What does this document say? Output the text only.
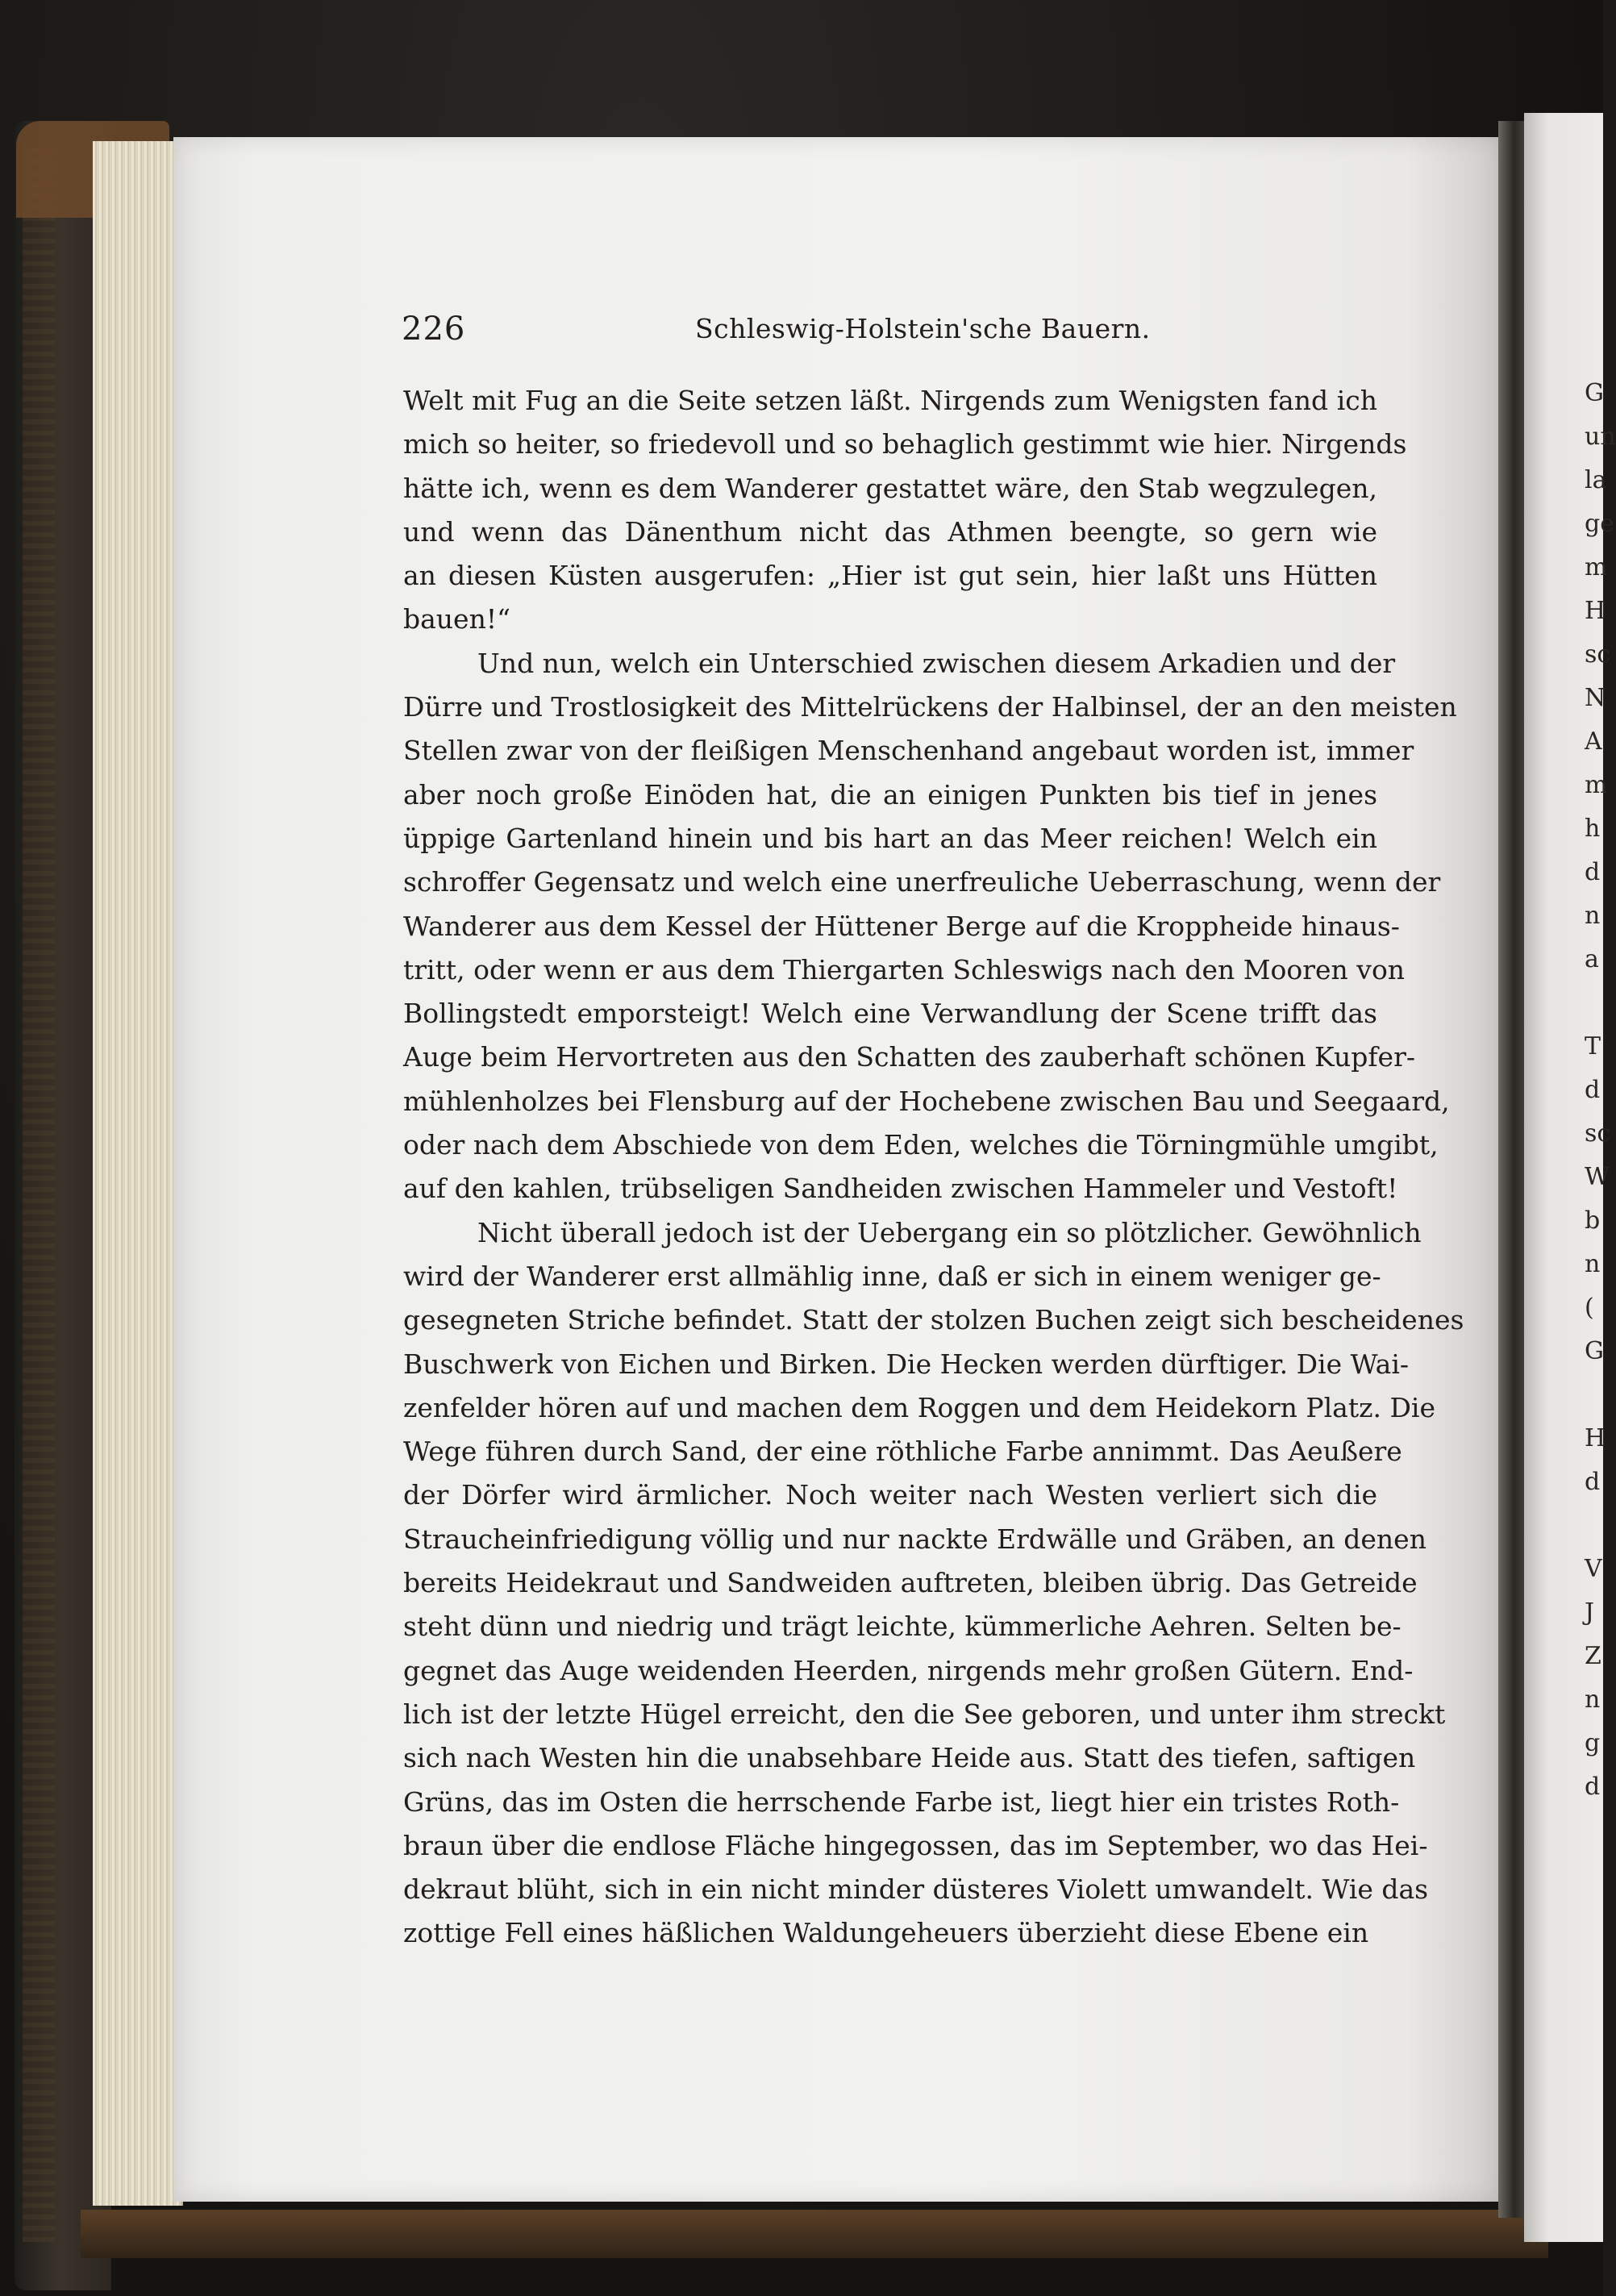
G
un
la
ge
m
H
sc
N
A
m
h
d
n
a
T
d
sc
W
b
n
(
G
H
d
V
J
Z
n
g
d
226	Schleswig-Holstein'sche Bauern.
Welt mit Fug an die Seite setzen läßt. Nirgends zum Wenigsten fand ich
mich so heiter, so friedevoll und so behaglich gestimmt wie hier. Nirgends
hätte ich, wenn es dem Wanderer gestattet wäre, den Stab wegzulegen,
und wenn das Dänenthum nicht das Athmen beengte, so gern wie
an diesen Küsten ausgerufen: „Hier ist gut sein, hier laßt uns Hütten
bauen!“
Und nun, welch ein Unterschied zwischen diesem Arkadien und der
Dürre und Trostlosigkeit des Mittelrückens der Halbinsel, der an den meisten
Stellen zwar von der fleißigen Menschenhand angebaut worden ist, immer
aber noch große Einöden hat, die an einigen Punkten bis tief in jenes
üppige Gartenland hinein und bis hart an das Meer reichen! Welch ein
schroffer Gegensatz und welch eine unerfreuliche Ueberraschung, wenn der
Wanderer aus dem Kessel der Hüttener Berge auf die Kroppheide hinaus-
tritt, oder wenn er aus dem Thiergarten Schleswigs nach den Mooren von
Bollingstedt emporsteigt! Welch eine Verwandlung der Scene trifft das
Auge beim Hervortreten aus den Schatten des zauberhaft schönen Kupfer-
mühlenholzes bei Flensburg auf der Hochebene zwischen Bau und Seegaard,
oder nach dem Abschiede von dem Eden, welches die Törningmühle umgibt,
auf den kahlen, trübseligen Sandheiden zwischen Hammeler und Vestoft!
Nicht überall jedoch ist der Uebergang ein so plötzlicher. Gewöhnlich
wird der Wanderer erst allmählig inne, daß er sich in einem weniger ge-
gesegneten Striche befindet. Statt der stolzen Buchen zeigt sich bescheidenes
Buschwerk von Eichen und Birken. Die Hecken werden dürftiger. Die Wai-
zenfelder hören auf und machen dem Roggen und dem Heidekorn Platz. Die
Wege führen durch Sand, der eine röthliche Farbe annimmt. Das Aeußere
der Dörfer wird ärmlicher. Noch weiter nach Westen verliert sich die
Straucheinfriedigung völlig und nur nackte Erdwälle und Gräben, an denen
bereits Heidekraut und Sandweiden auftreten, bleiben übrig. Das Getreide
steht dünn und niedrig und trägt leichte, kümmerliche Aehren. Selten be-
gegnet das Auge weidenden Heerden, nirgends mehr großen Gütern. End-
lich ist der letzte Hügel erreicht, den die See geboren, und unter ihm streckt
sich nach Westen hin die unabsehbare Heide aus. Statt des tiefen, saftigen
Grüns, das im Osten die herrschende Farbe ist, liegt hier ein tristes Roth-
braun über die endlose Fläche hingegossen, das im September, wo das Hei-
dekraut blüht, sich in ein nicht minder düsteres Violett umwandelt. Wie das
zottige Fell eines häßlichen Waldungeheuers überzieht diese Ebene ein
